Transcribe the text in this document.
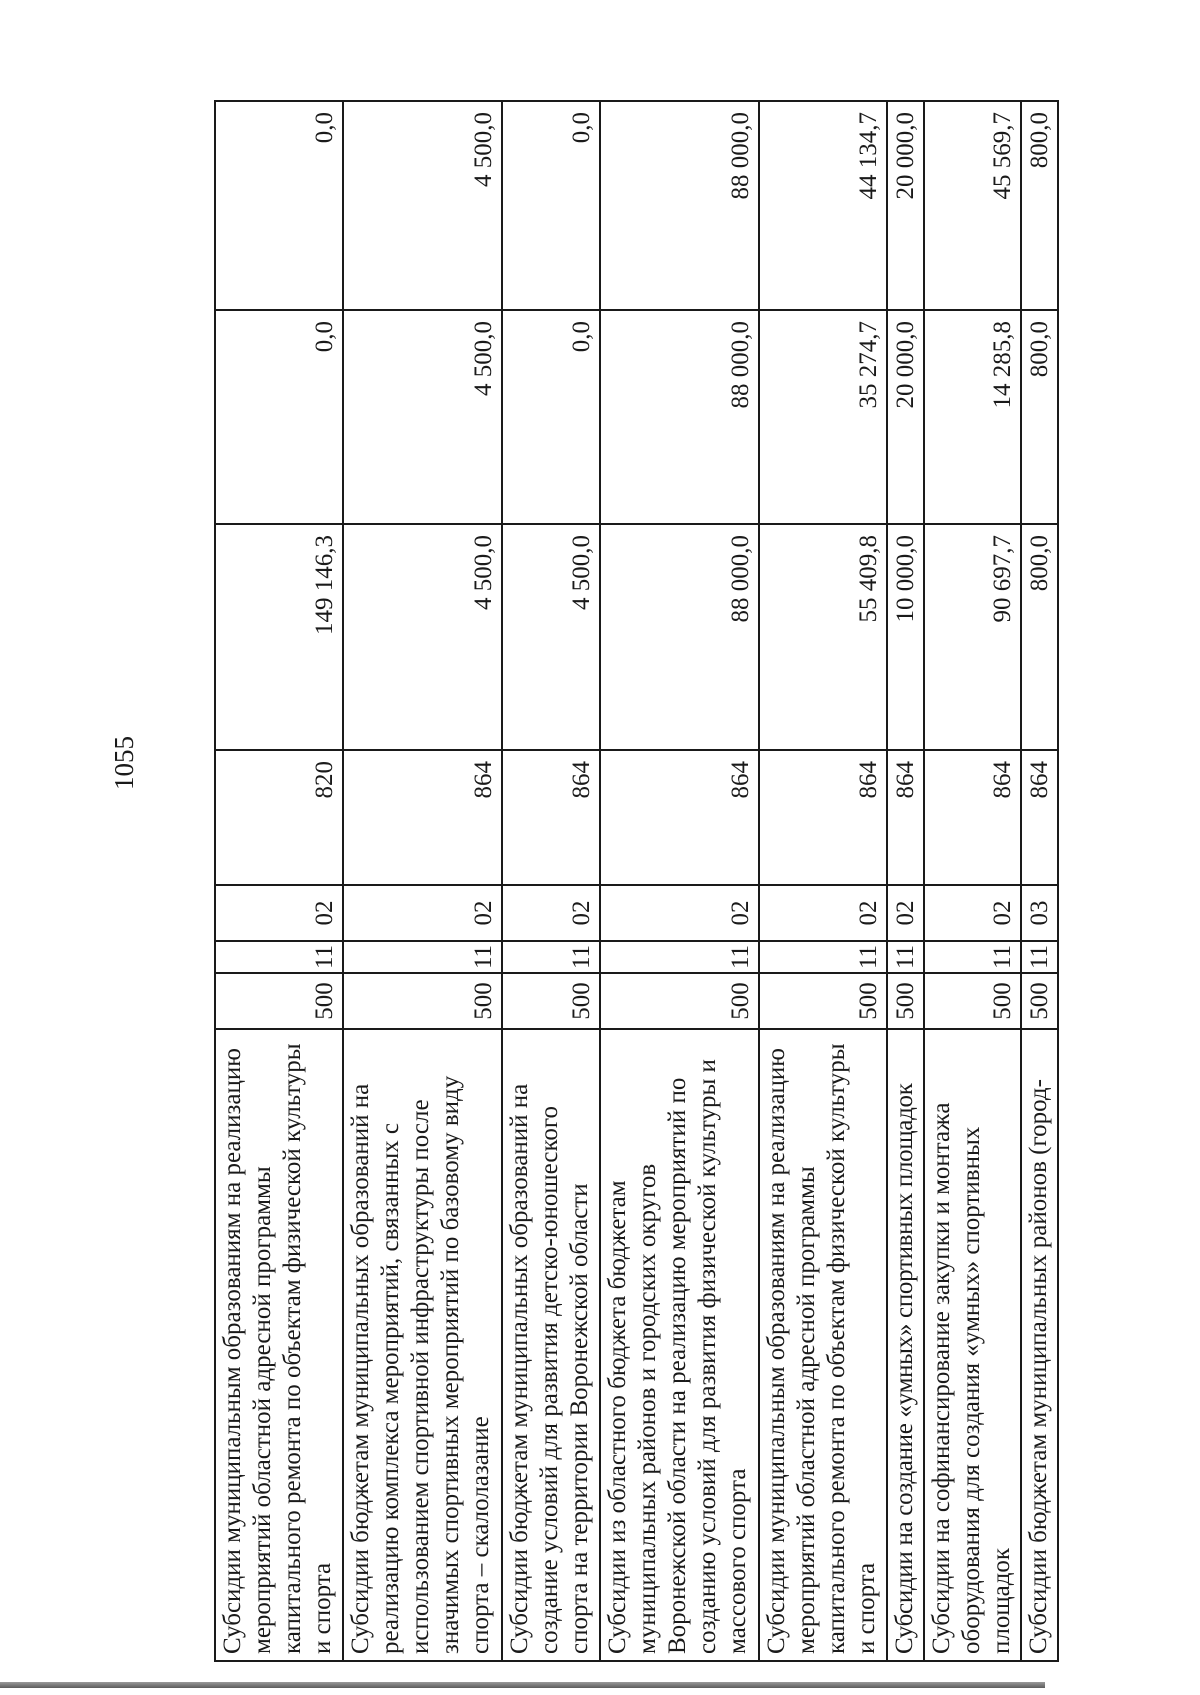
1055
Субсидии муниципальным образованиям на реализацию мероприятий областной адресной программы капитального ремонта по объектам физической культуры и спорта	500	11	02	820	149 146,3	0,0	0,0
Субсидии бюджетам муниципальных образований на реализацию комплекса мероприятий, связанных с использованием спортивной инфраструктуры после значимых спортивных мероприятий по базовому виду спорта – скалолазание	500	11	02	864	4 500,0	4 500,0	4 500,0
Субсидии бюджетам муниципальных образований на создание условий для развития детско-юношеского спорта на территории Воронежской области	500	11	02	864	4 500,0	0,0	0,0
Субсидии из областного бюджета бюджетам муниципальных районов и городских округов Воронежской области на реализацию мероприятий по созданию условий для развития физической культуры и массового спорта	500	11	02	864	88 000,0	88 000,0	88 000,0
Субсидии муниципальным образованиям на реализацию мероприятий областной адресной программы капитального ремонта по объектам физической культуры и спорта	500	11	02	864	55 409,8	35 274,7	44 134,7
Субсидии на создание «умных» спортивных площадок	500	11	02	864	10 000,0	20 000,0	20 000,0
Субсидии на софинансирование закупки и монтажа оборудования для создания «умных» спортивных площадок	500	11	02	864	90 697,7	14 285,8	45 569,7
Субсидии бюджетам муниципальных районов (город-	500	11	03	864	800,0	800,0	800,0
